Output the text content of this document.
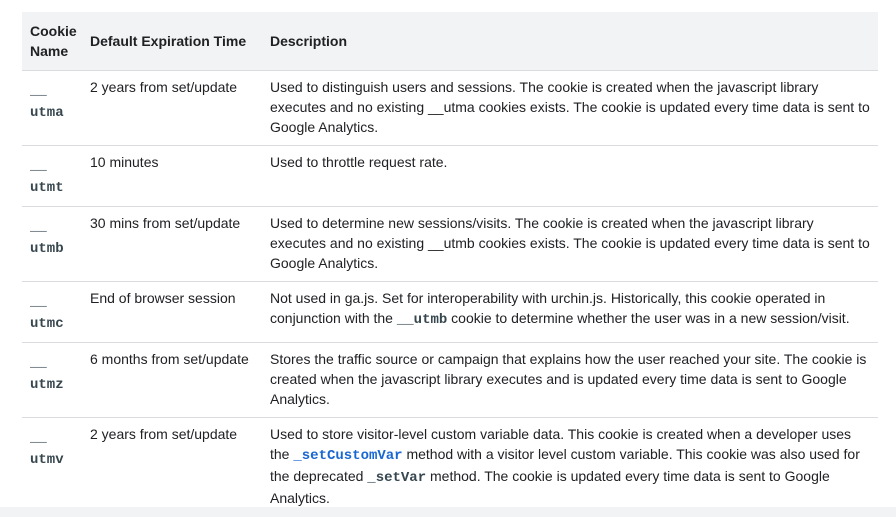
Cookie Name	Default Expiration Time	Description
__
utma	2 years from set/update	Used to distinguish users and sessions. The cookie is created when the javascript library executes and no existing __utma cookies exists. The cookie is updated every time data is sent to Google Analytics.
__
utmt	10 minutes	Used to throttle request rate.
__
utmb	30 mins from set/update	Used to determine new sessions/visits. The cookie is created when the javascript library executes and no existing __utmb cookies exists. The cookie is updated every time data is sent to Google Analytics.
__
utmc	End of browser session	Not used in ga.js. Set for interoperability with urchin.js. Historically, this cookie operated in conjunction with the __utmb cookie to determine whether the user was in a new session/visit.
__
utmz	6 months from set/update	Stores the traffic source or campaign that explains how the user reached your site. The cookie is created when the javascript library executes and is updated every time data is sent to Google Analytics.
__
utmv	2 years from set/update	Used to store visitor-level custom variable data. This cookie is created when a developer uses the _setCustomVar method with a visitor level custom variable. This cookie was also used for the deprecated _setVar method. The cookie is updated every time data is sent to Google Analytics.
